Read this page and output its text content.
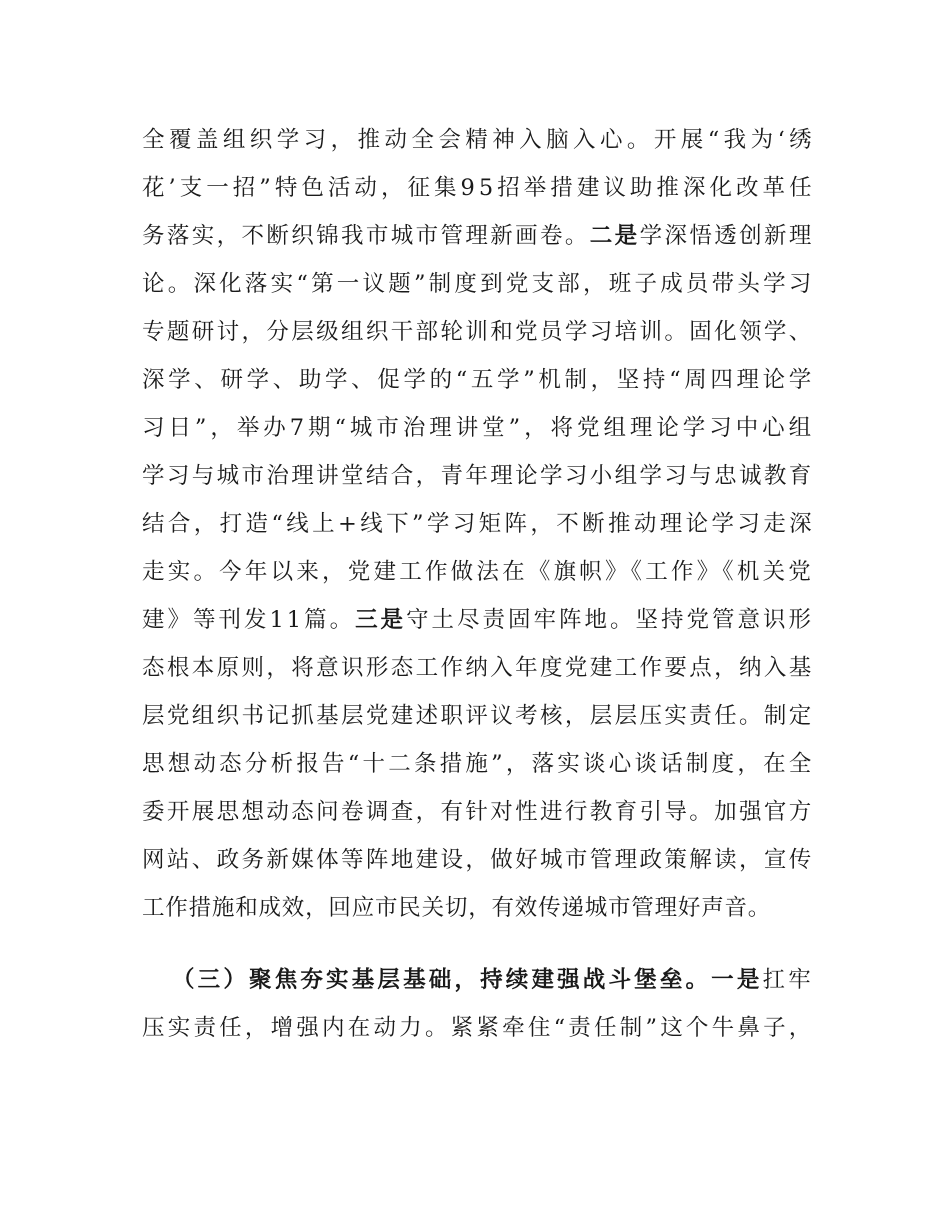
全覆盖组织学习，推动全会精神入脑入心。开展“我为‘绣
花’支一招”特色活动，征集95招举措建议助推深化改革任
务落实，不断织锦我市城市管理新画卷。二是学深悟透创新理
论。深化落实“第一议题”制度到党支部，班子成员带头学习
专题研讨，分层级组织干部轮训和党员学习培训。固化领学、
深学、研学、助学、促学的“五学”机制，坚持“周四理论学
习日”，举办7期“城市治理讲堂”，将党组理论学习中心组
学习与城市治理讲堂结合，青年理论学习小组学习与忠诚教育
结合，打造“线上+线下”学习矩阵，不断推动理论学习走深
走实。今年以来，党建工作做法在《旗帜》《工作》《机关党
建》等刊发11篇。三是守土尽责固牢阵地。坚持党管意识形
态根本原则，将意识形态工作纳入年度党建工作要点，纳入基
层党组织书记抓基层党建述职评议考核，层层压实责任。制定
思想动态分析报告“十二条措施”，落实谈心谈话制度，在全
委开展思想动态问卷调查，有针对性进行教育引导。加强官方
网站、政务新媒体等阵地建设，做好城市管理政策解读，宣传
工作措施和成效，回应市民关切，有效传递城市管理好声音。
（三）聚焦夯实基层基础，持续建强战斗堡垒。一是扛牢
压实责任，增强内在动力。紧紧牵住“责任制”这个牛鼻子，
